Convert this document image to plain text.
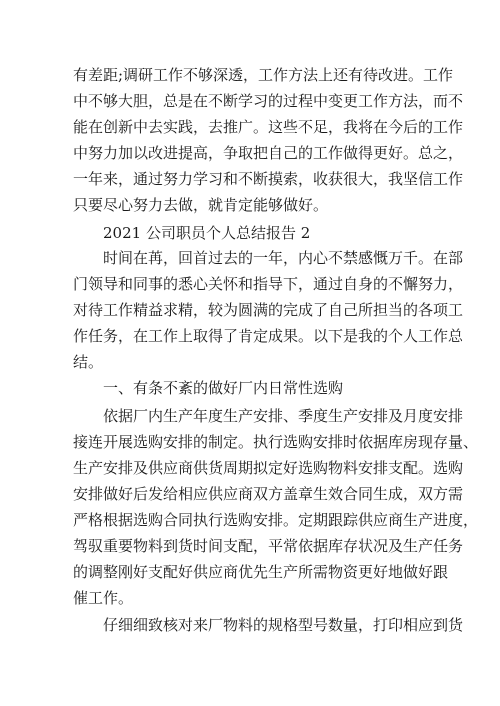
有差距;调研工作不够深透，工作方法上还有待改进。工作
中不够大胆，总是在不断学习的过程中变更工作方法，而不
能在创新中去实践，去推广。这些不足，我将在今后的工作
中努力加以改进提高，争取把自己的工作做得更好。总之，
一年来，通过努力学习和不断摸索，收获很大，我坚信工作
只要尽心努力去做，就肯定能够做好。
2021 公司职员个人总结报告 2
时间在苒，回首过去的一年，内心不禁感慨万千。在部
门领导和同事的悉心关怀和指导下，通过自身的不懈努力，
对待工作精益求精，较为圆满的完成了自己所担当的各项工
作任务，在工作上取得了肯定成果。以下是我的个人工作总
结。
一、有条不紊的做好厂内日常性选购
依据厂内生产年度生产安排、季度生产安排及月度安排
接连开展选购安排的制定。执行选购安排时依据库房现存量、
生产安排及供应商供货周期拟定好选购物料安排支配。选购
安排做好后发给相应供应商双方盖章生效合同生成，双方需
严格根据选购合同执行选购安排。定期跟踪供应商生产进度，
驾驭重要物料到货时间支配，平常依据库存状况及生产任务
的调整刚好支配好供应商优先生产所需物资更好地做好跟
催工作。
仔细细致核对来厂物料的规格型号数量，打印相应到货
